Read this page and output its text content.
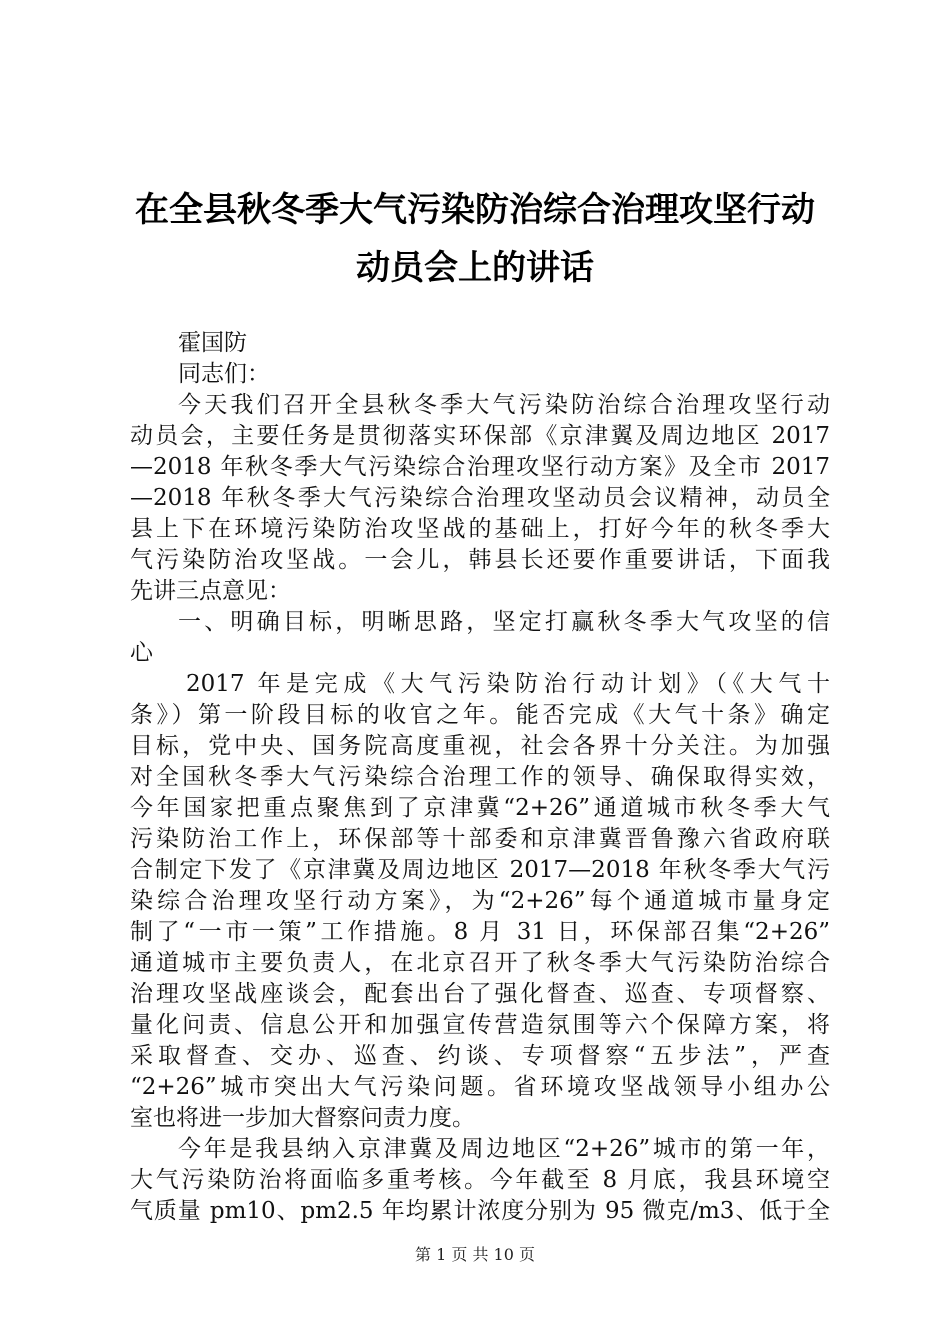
在全县秋冬季大气污染防治综合治理攻坚行动
动员会上的讲话
霍国防
同志们：
今天我们召开全县秋冬季大气污染防治综合治理攻坚行动
动员会，主要任务是贯彻落实环保部《京津翼及周边地区 2017
—2018 年秋冬季大气污染综合治理攻坚行动方案》及全市 2017
—2018 年秋冬季大气污染综合治理攻坚动员会议精神，动员全
县上下在环境污染防治攻坚战的基础上，打好今年的秋冬季大
气污染防治攻坚战。一会儿，韩县长还要作重要讲话，下面我
先讲三点意见：
一、明确目标，明晰思路，坚定打赢秋冬季大气攻坚的信
心
2017 年是完成《大气污染防治行动计划》（《大气十
条》）第一阶段目标的收官之年。能否完成《大气十条》确定
目标，党中央、国务院高度重视，社会各界十分关注。为加强
对全国秋冬季大气污染综合治理工作的领导、确保取得实效，
今年国家把重点聚焦到了京津冀“2+26”通道城市秋冬季大气
污染防治工作上，环保部等十部委和京津冀晋鲁豫六省政府联
合制定下发了《京津冀及周边地区 2017—2018 年秋冬季大气污
染综合治理攻坚行动方案》，为“2+26”每个通道城市量身定
制了“一市一策”工作措施。8 月 31 日，环保部召集“2+26”
通道城市主要负责人，在北京召开了秋冬季大气污染防治综合
治理攻坚战座谈会，配套出台了强化督查、巡查、专项督察、
量化问责、信息公开和加强宣传营造氛围等六个保障方案，将
采取督查、交办、巡查、约谈、专项督察“五步法”，严查
“2+26”城市突出大气污染问题。省环境攻坚战领导小组办公
室也将进一步加大督察问责力度。
今年是我县纳入京津冀及周边地区“2+26”城市的第一年，
大气污染防治将面临多重考核。今年截至 8 月底，我县环境空
气质量 pm10、pm2.5 年均累计浓度分别为 95 微克/m3、低于全
第 1 页 共 10 页
